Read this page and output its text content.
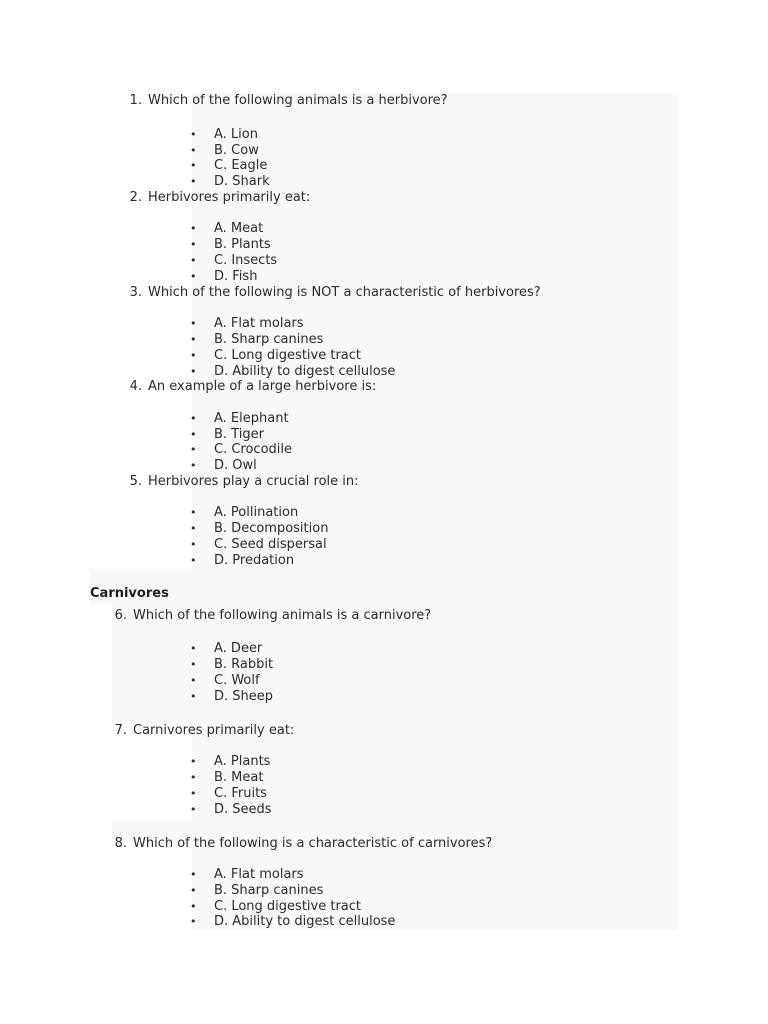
1. Which of the following animals is a herbivore?
• A. Lion
• B. Cow
• C. Eagle
• D. Shark
2. Herbivores primarily eat:
• A. Meat
• B. Plants
• C. Insects
• D. Fish
3. Which of the following is NOT a characteristic of herbivores?
• A. Flat molars
• B. Sharp canines
• C. Long digestive tract
• D. Ability to digest cellulose
4. An example of a large herbivore is:
• A. Elephant
• B. Tiger
• C. Crocodile
• D. Owl
5. Herbivores play a crucial role in:
• A. Pollination
• B. Decomposition
• C. Seed dispersal
• D. Predation
Carnivores
6. Which of the following animals is a carnivore?
• A. Deer
• B. Rabbit
• C. Wolf
• D. Sheep
7. Carnivores primarily eat:
• A. Plants
• B. Meat
• C. Fruits
• D. Seeds
8. Which of the following is a characteristic of carnivores?
• A. Flat molars
• B. Sharp canines
• C. Long digestive tract
• D. Ability to digest cellulose
